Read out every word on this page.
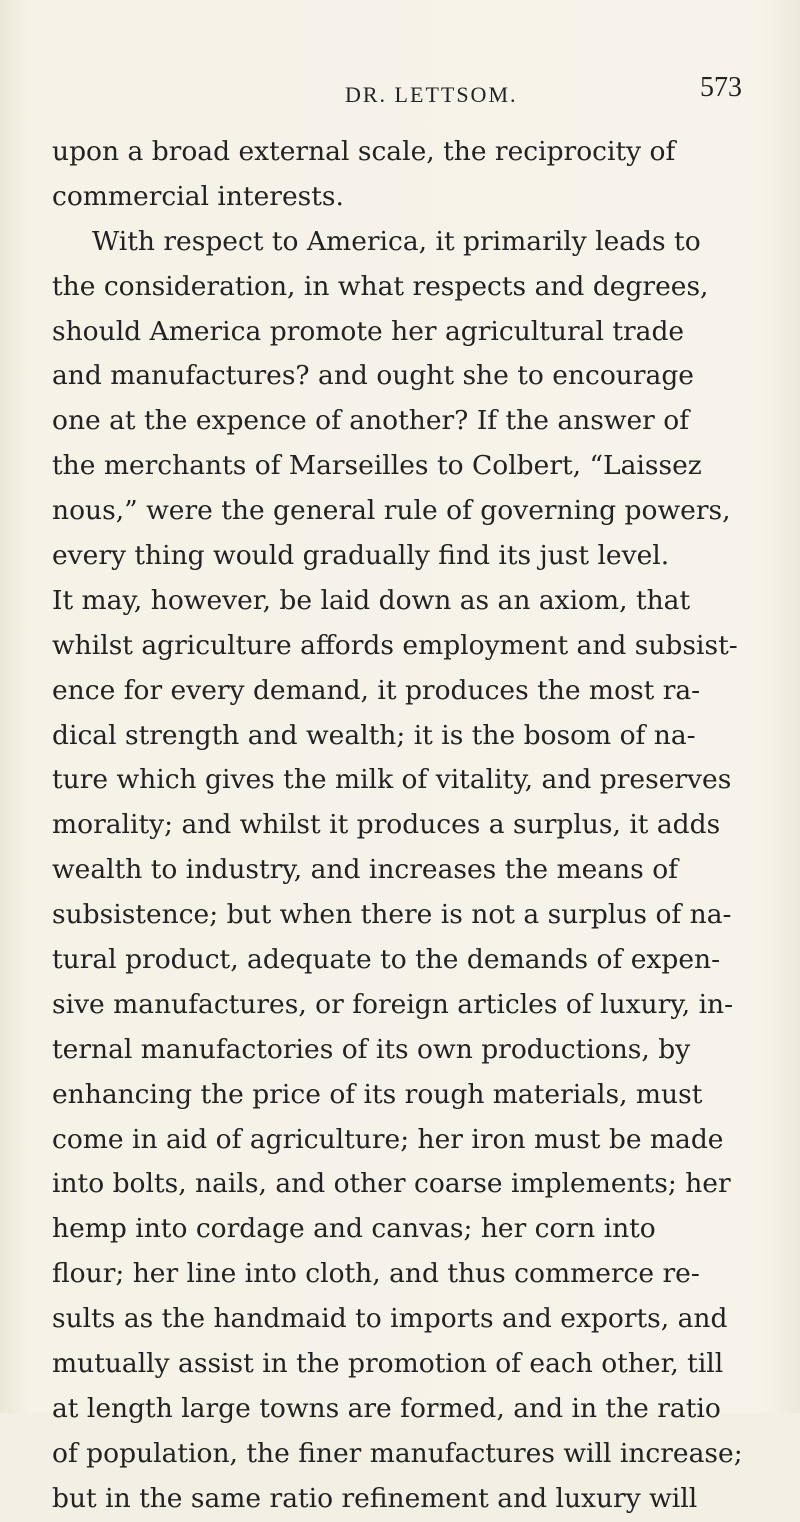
DR. LETTSOM.	573
upon a broad external scale, the reciprocity of
commercial interests.
With respect to America, it primarily leads to
the consideration, in what respects and degrees,
should America promote her agricultural trade
and manufactures? and ought she to encourage
one at the expence of another? If the answer of
the merchants of Marseilles to Colbert, “Laissez
nous,” were the general rule of governing powers,
every thing would gradually find its just level.
It may, however, be laid down as an axiom, that
whilst agriculture affords employment and subsist-
ence for every demand, it produces the most ra-
dical strength and wealth; it is the bosom of na-
ture which gives the milk of vitality, and preserves
morality; and whilst it produces a surplus, it adds
wealth to industry, and increases the means of
subsistence; but when there is not a surplus of na-
tural product, adequate to the demands of expen-
sive manufactures, or foreign articles of luxury, in-
ternal manufactories of its own productions, by
enhancing the price of its rough materials, must
come in aid of agriculture; her iron must be made
into bolts, nails, and other coarse implements; her
hemp into cordage and canvas; her corn into
flour; her line into cloth, and thus commerce re-
sults as the handmaid to imports and exports, and
mutually assist in the promotion of each other, till
at length large towns are formed, and in the ratio
of population, the finer manufactures will increase;
but in the same ratio refinement and luxury will
